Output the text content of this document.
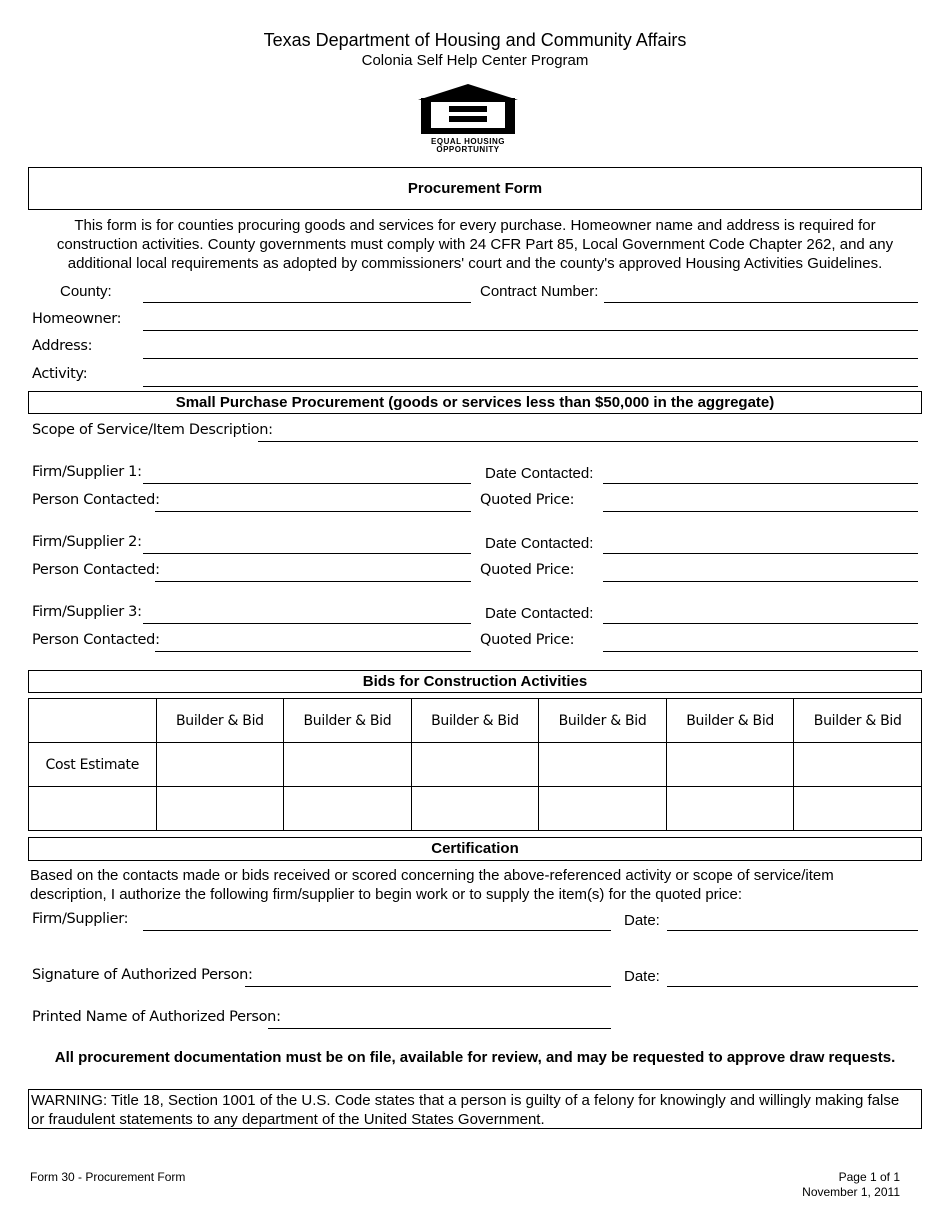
Texas Department of Housing and Community Affairs
Colonia Self Help Center Program
EQUAL HOUSING OPPORTUNITY
Procurement Form
This form is for counties procuring goods and services for every purchase. Homeowner name and address is required for construction activities. County governments must comply with 24 CFR Part 85, Local Government Code Chapter 262, and any additional local requirements as adopted by commissioners' court and the county's approved Housing Activities Guidelines.
County:	Contract Number:
Homeowner:
Address:
Activity:
Small Purchase Procurement (goods or services less than $50,000 in the aggregate)
Scope of Service/Item Description:
Firm/Supplier 1:	Date Contacted:
Person Contacted:	Quoted Price:
Firm/Supplier 2:	Date Contacted:
Person Contacted:	Quoted Price:
Firm/Supplier 3:	Date Contacted:
Person Contacted:	Quoted Price:
Bids for Construction Activities
	Builder & Bid	Builder & Bid	Builder & Bid	Builder & Bid	Builder & Bid	Builder & Bid
Cost Estimate						

Certification
Based on the contacts made or bids received or scored concerning the above-referenced activity or scope of service/item description, I authorize the following firm/supplier to begin work or to supply the item(s) for the quoted price:
Firm/Supplier:	Date:
Signature of Authorized Person:	Date:
Printed Name of Authorized Person:
All procurement documentation must be on file, available for review, and may be requested to approve draw requests.
WARNING: Title 18, Section 1001 of the U.S. Code states that a person is guilty of a felony for knowingly and willingly making false or fraudulent statements to any department of the United States Government.
Form 30 - Procurement Form	Page 1 of 1
November 1, 2011
